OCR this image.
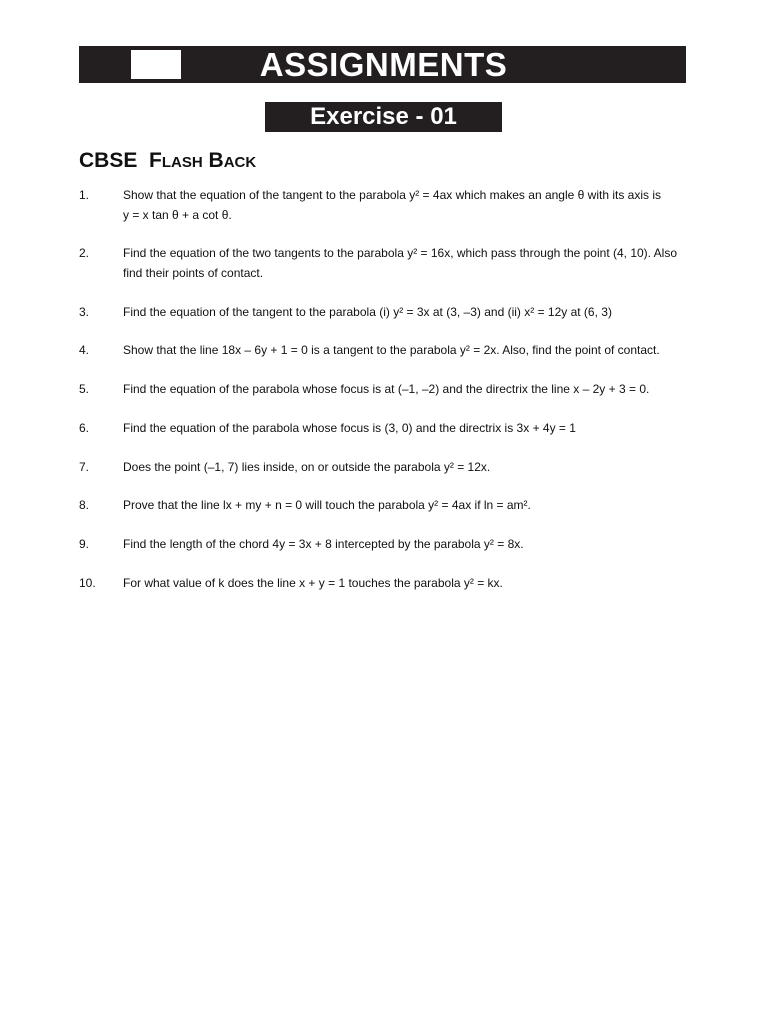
ASSIGNMENTS
Exercise - 01
CBSE FLASH BACK
1.	Show that the equation of the tangent to the parabola y² = 4ax which makes an angle θ with its axis is
y = x tan θ + a cot θ.
2.	Find the equation of the two tangents to the parabola y² = 16x, which pass through the point (4, 10). Also
find their points of contact.
3.	Find the equation of the tangent to the parabola (i) y² = 3x at (3, –3) and (ii) x² = 12y at (6, 3)
4.	Show that the line 18x – 6y + 1 = 0 is a tangent to the parabola y² = 2x. Also, find the point of contact.
5.	Find the equation of the parabola whose focus is at (–1, –2) and the directrix the line x – 2y + 3 = 0.
6.	Find the equation of the parabola whose focus is (3, 0) and the directrix is 3x + 4y = 1
7.	Does the point (–1, 7) lies inside, on or outside the parabola y² = 12x.
8.	Prove that the line lx + my + n = 0 will touch the parabola y² = 4ax if ln = am².
9.	Find the length of the chord 4y = 3x + 8 intercepted by the parabola y² = 8x.
10.	For what value of k does the line x + y = 1 touches the parabola y² = kx.
